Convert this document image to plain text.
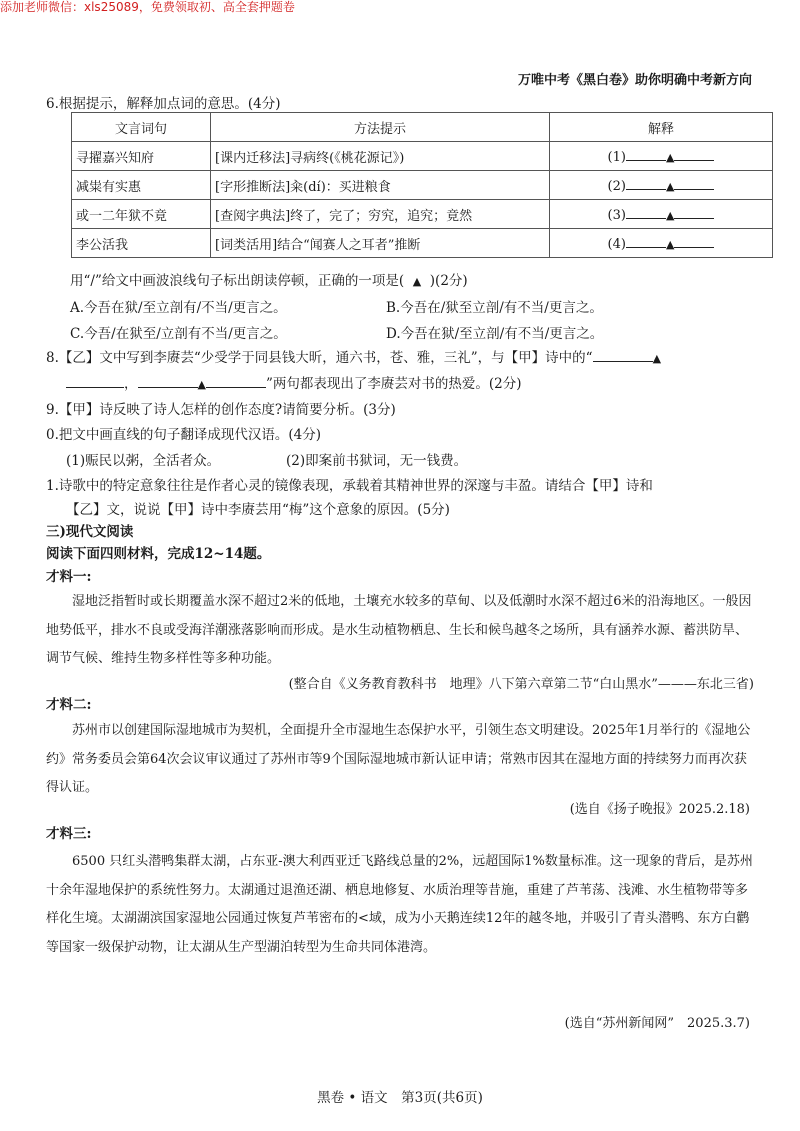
添加老师微信：xls25089，免费领取初、高全套押题卷
万唯中考《黑白卷》助你明确中考新方向
6.根据提示，解释加点词的意思。(4分)
文言词句	方法提示	解释
寻擢嘉兴知府	[课内迁移法]寻病终(《桃花源记》)	(1) ▲
减粜有实惠	[字形推断法]籴(dí)：买进粮食	(2) ▲
或一二年狱不竟	[查阅字典法]终了，完了；穷究，追究；竟然	(3) ▲
李公活我	[词类活用]结合“闻赛人之耳者”推断	(4) ▲
用“/”给文中画波浪线句子标出朗读停顿，正确的一项是( ▲ )(2分)
A.今吾在狱/至立剖有/不当/更言之。	B.今吾在/狱至立剖/有不当/更言之。
C.今吾/在狱至/立剖有不当/更言之。	D.今吾在狱/至立剖/有不当/更言之。
8.【乙】文中写到李赓芸“少受学于同县钱大昕，通六书，苍、雅，三礼”，与【甲】诗中的“	▲
，	▲	”两句都表现出了李赓芸对书的热爱。(2分)
9.【甲】诗反映了诗人怎样的创作态度?请简要分析。(3分)
0.把文中画直线的句子翻译成现代汉语。(4分)
(1)赈民以粥，全活者众。	(2)即案前书狱词，无一钱费。
1.诗歌中的特定意象往往是作者心灵的镜像表现，承载着其精神世界的深邃与丰盈。请结合【甲】诗和
【乙】文，说说【甲】诗中李赓芸用“梅”这个意象的原因。(5分)
三)现代文阅读
阅读下面四则材料，完成12~14题。
才料一:

湿地泛指暂时或长期覆盖水深不超过2米的低地，土壤充水较多的草甸、以及低潮时水深不超过6米的沿海地区。一般因地势低平，排水不良或受海洋潮涨落影响而形成。是水生动植物栖息、生长和候鸟越冬之场所，具有涵养水源、蓄洪防旱、调节气候、维持生物多样性等多种功能。

(整合自《义务教育教科书　地理》八下第六章第二节“白山黑水”———东北三省)
才料二:

苏州市以创建国际湿地城市为契机，全面提升全市湿地生态保护水平，引领生态文明建设。2025年1月举行的《湿地公约》常务委员会第64次会议审议通过了苏州市等9个国际湿地城市新认证申请；常熟市因其在湿地方面的持续努力而再次获得认证。

(选自《扬子晚报》2025.2.18)
才料三:

6500 只红头潜鸭集群太湖，占东亚-澳大利西亚迁飞路线总量的2%，远超国际1%数量标准。这一现象的背后，是苏州十余年湿地保护的系统性努力。太湖通过退渔还湖、栖息地修复、水质治理等昔施，重建了芦苇荡、浅滩、水生植物带等多样化生境。太湖湖滨国家湿地公园通过恢复芦苇密布的<域，成为小天鹅连续12年的越冬地，并吸引了青头潜鸭、东方白鹳等国家一级保护动物，让太湖从生产型湖泊转型为生命共同体港湾。

(选自“苏州新闻网”　2025.3.7)
黑卷 • 语文　第3页(共6页)
